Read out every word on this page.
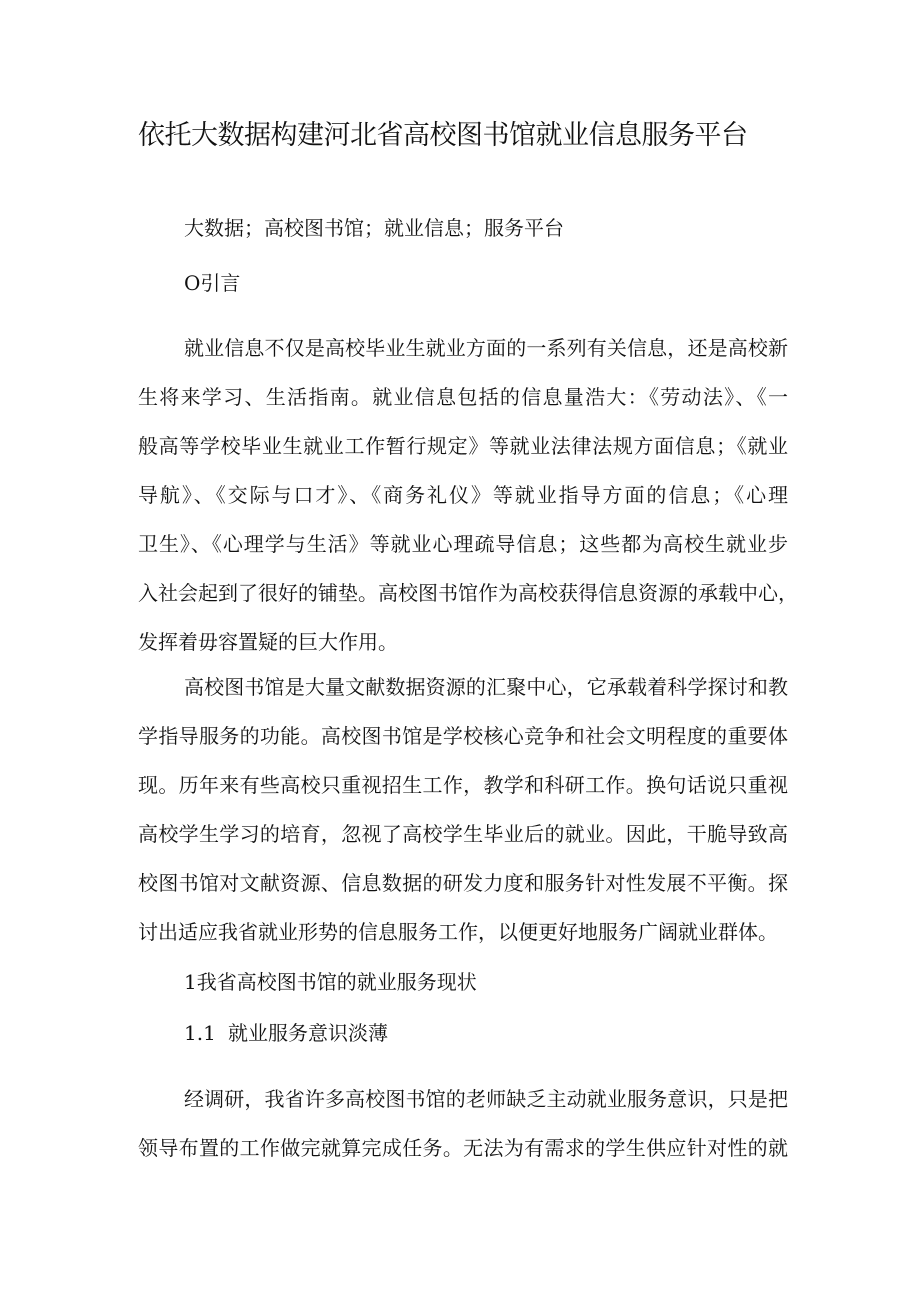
依托大数据构建河北省高校图书馆就业信息服务平台

大数据；高校图书馆；就业信息；服务平台

O引言

就业信息不仅是高校毕业生就业方面的一系列有关信息，还是高校新
生将来学习、生活指南。就业信息包括的信息量浩大：《劳动法》、《一
般高等学校毕业生就业工作暂行规定》等就业法律法规方面信息；《就业
导航》、《交际与口才》、《商务礼仪》等就业指导方面的信息；《心理
卫生》、《心理学与生活》等就业心理疏导信息；这些都为高校生就业步
入社会起到了很好的铺垫。高校图书馆作为高校获得信息资源的承载中心，
发挥着毋容置疑的巨大作用。
高校图书馆是大量文献数据资源的汇聚中心，它承载着科学探讨和教
学指导服务的功能。高校图书馆是学校核心竞争和社会文明程度的重要体
现。历年来有些高校只重视招生工作，教学和科研工作。换句话说只重视
高校学生学习的培育，忽视了高校学生毕业后的就业。因此，干脆导致高
校图书馆对文献资源、信息数据的研发力度和服务针对性发展不平衡。探
讨出适应我省就业形势的信息服务工作，以便更好地服务广阔就业群体。

1我省高校图书馆的就业服务现状

1.1 就业服务意识淡薄

经调研，我省许多高校图书馆的老师缺乏主动就业服务意识，只是把
领导布置的工作做完就算完成任务。无法为有需求的学生供应针对性的就
